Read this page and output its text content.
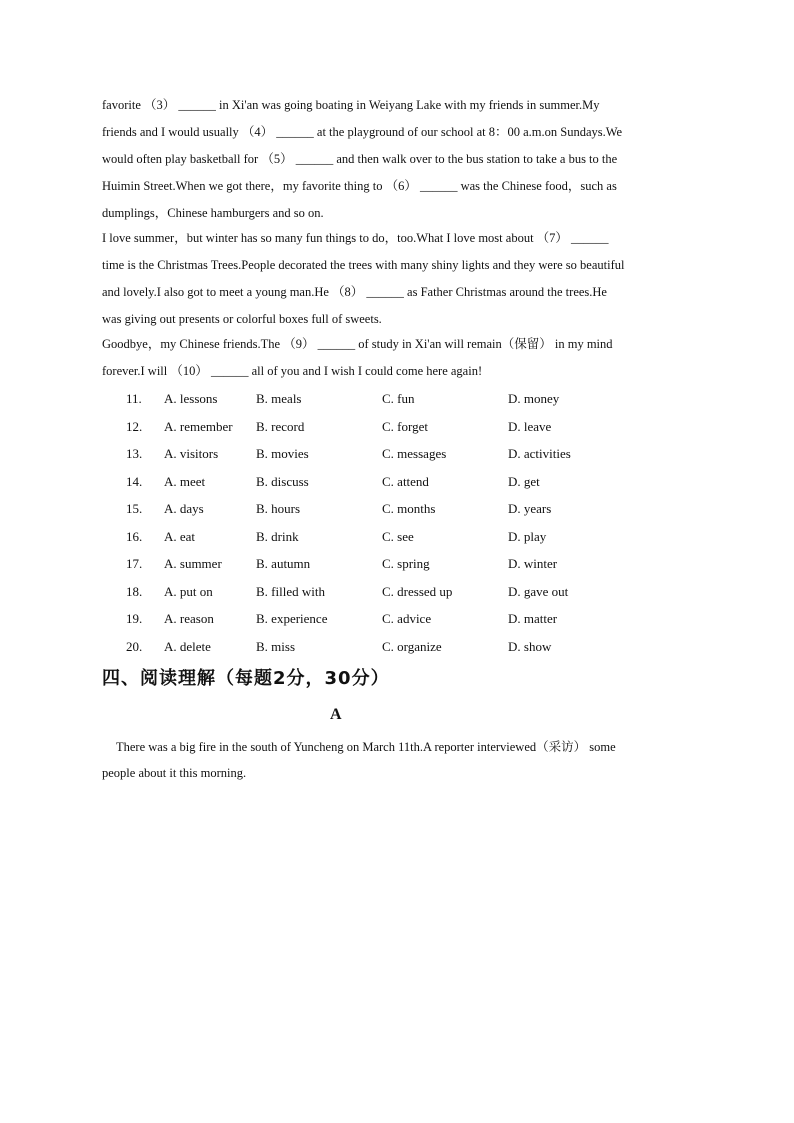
favorite （3） ______ in Xi'an was going boating in Weiyang Lake with my friends in summer.My
friends and I would usually （4） ______ at the playground of our school at 8：00 a.m.on Sundays.We
would often play basketball for （5） ______ and then walk over to the bus station to take a bus to the
Huimin Street.When we got there，my favorite thing to （6） ______ was the Chinese food，such as
dumplings，Chinese hamburgers and so on.
I love summer，but winter has so many fun things to do，too.What I love most about （7） ______
time is the Christmas Trees.People decorated the trees with many shiny lights and they were so beautiful
and lovely.I also got to meet a young man.He （8） ______ as Father Christmas around the trees.He
was giving out presents or colorful boxes full of sweets.
Goodbye，my Chinese friends.The （9） ______ of study in Xi'an will remain（保留） in my mind
forever.I will （10） ______ all of you and I wish I could come here again!
11. A. lessons	B. meals	C. fun	D. money
12. A. remember B. record	C. forget	D. leave
13. A. visitors	B. movies	C. messages	D. activities
14. A. meet	B. discuss	C. attend	D. get
15. A. days	B. hours	C. months	D. years
16. A. eat	B. drink	C. see	D. play
17. A. summer	B. autumn	C. spring	D. winter
18. A. put on	B. filled with	C. dressed up	D. gave out
19. A. reason	B. experience	C. advice	D. matter
20. A. delete	B. miss	C. organize	D. show
四、阅读理解（每题2分，30分）
A
There was a big fire in the south of Yuncheng on March 11th.A reporter interviewed（采访） some
people about it this morning.
